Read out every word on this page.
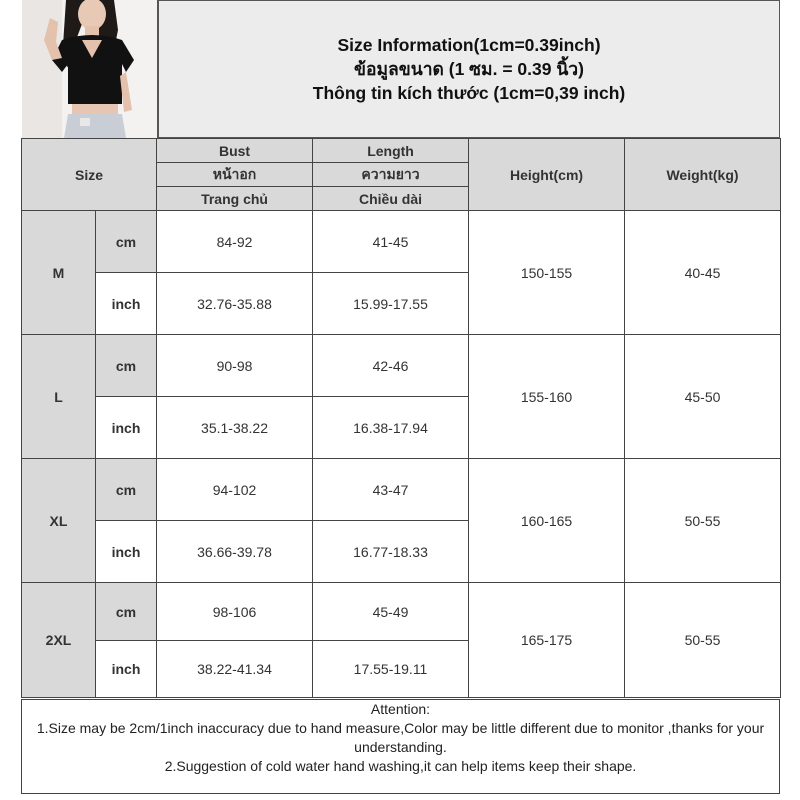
Size Information(1cm=0.39inch)
ข้อมูลขนาด (1 ซม. = 0.39 นิ้ว)
Thông tin kích thước (1cm=0,39 inch)
Size		Bust	Length	Height(cm)	Weight(kg)
		หน้าอก	ความยาว		
		Trang chủ	Chiều dài		
M	cm	84-92	41-45	150-155	40-45
	inch	32.76-35.88	15.99-17.55		
L	cm	90-98	42-46	155-160	45-50
	inch	35.1-38.22	16.38-17.94		
XL	cm	94-102	43-47	160-165	50-55
	inch	36.66-39.78	16.77-18.33		
2XL	cm	98-106	45-49	165-175	50-55
	inch	38.22-41.34	17.55-19.11		

Attention:

1.Size may be 2cm/1inch inaccuracy due to hand measure,Color may be little different due to monitor ,thanks for your understanding.

2.Suggestion of cold water hand washing,it can help items keep their shape.
